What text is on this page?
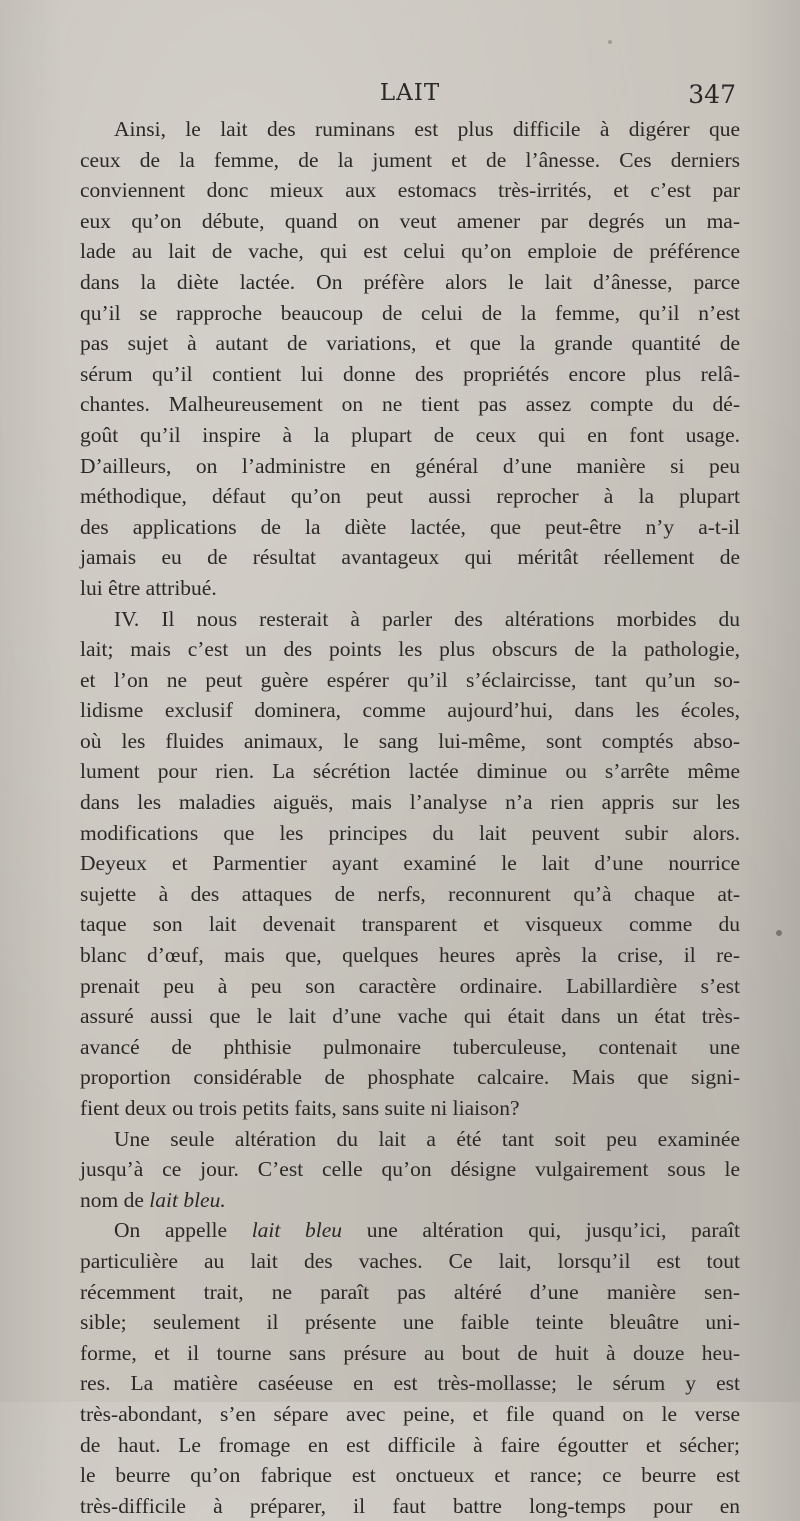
LAIT	347
Ainsi, le lait des ruminans est plus difficile à digérer que
ceux de la femme, de la jument et de l’ânesse. Ces derniers
conviennent donc mieux aux estomacs très-irrités, et c’est par
eux qu’on débute, quand on veut amener par degrés un ma-
lade au lait de vache, qui est celui qu’on emploie de préférence
dans la diète lactée. On préfère alors le lait d’ânesse, parce
qu’il se rapproche beaucoup de celui de la femme, qu’il n’est
pas sujet à autant de variations, et que la grande quantité de
sérum qu’il contient lui donne des propriétés encore plus relâ-
chantes. Malheureusement on ne tient pas assez compte du dé-
goût qu’il inspire à la plupart de ceux qui en font usage.
D’ailleurs, on l’administre en général d’une manière si peu
méthodique, défaut qu’on peut aussi reprocher à la plupart
des applications de la diète lactée, que peut-être n’y a-t-il
jamais eu de résultat avantageux qui méritât réellement de
lui être attribué.
IV. Il nous resterait à parler des altérations morbides du
lait; mais c’est un des points les plus obscurs de la pathologie,
et l’on ne peut guère espérer qu’il s’éclaircisse, tant qu’un so-
lidisme exclusif dominera, comme aujourd’hui, dans les écoles,
où les fluides animaux, le sang lui-même, sont comptés abso-
lument pour rien. La sécrétion lactée diminue ou s’arrête même
dans les maladies aiguës, mais l’analyse n’a rien appris sur les
modifications que les principes du lait peuvent subir alors.
Deyeux et Parmentier ayant examiné le lait d’une nourrice
sujette à des attaques de nerfs, reconnurent qu’à chaque at-
taque son lait devenait transparent et visqueux comme du
blanc d’œuf, mais que, quelques heures après la crise, il re-
prenait peu à peu son caractère ordinaire. Labillardière s’est
assuré aussi que le lait d’une vache qui était dans un état très-
avancé de phthisie pulmonaire tuberculeuse, contenait une
proportion considérable de phosphate calcaire. Mais que signi-
fient deux ou trois petits faits, sans suite ni liaison?
Une seule altération du lait a été tant soit peu examinée
jusqu’à ce jour. C’est celle qu’on désigne vulgairement sous le
nom de lait bleu.
On appelle lait bleu une altération qui, jusqu’ici, paraît
particulière au lait des vaches. Ce lait, lorsqu’il est tout
récemment trait, ne paraît pas altéré d’une manière sen-
sible; seulement il présente une faible teinte bleuâtre uni-
forme, et il tourne sans présure au bout de huit à douze heu-
res. La matière caséeuse en est très-mollasse; le sérum y est
très-abondant, s’en sépare avec peine, et file quand on le verse
de haut. Le fromage en est difficile à faire égoutter et sécher;
le beurre qu’on fabrique est onctueux et rance; ce beurre est
très-difficile à préparer, il faut battre long-temps pour en
